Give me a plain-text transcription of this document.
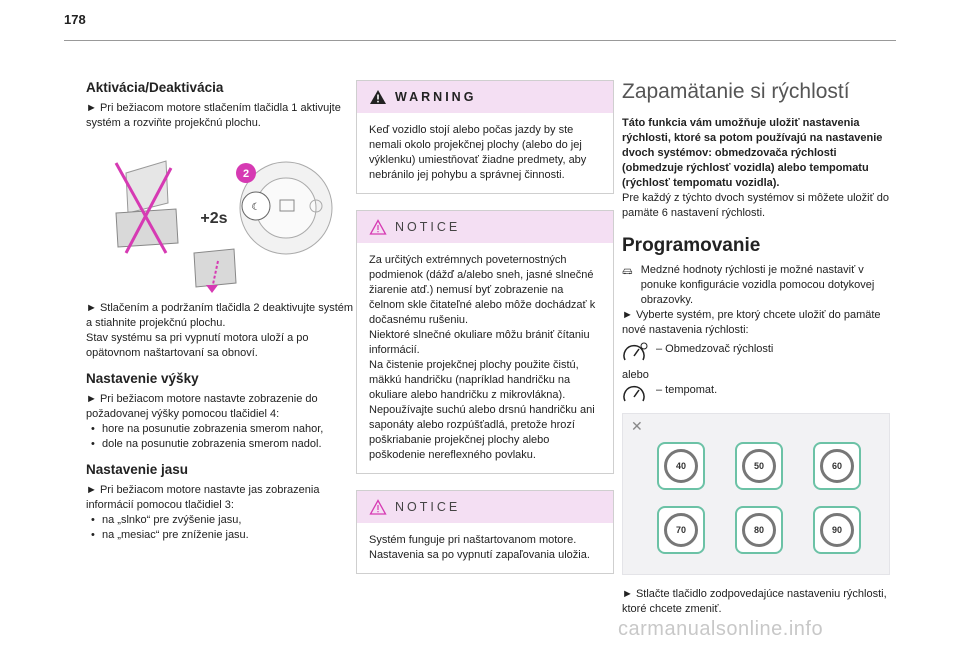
178
Aktivácia/Deaktivácia

► Pri bežiacom motore stlačením tlačidla 1 aktivujte systém a rozviňte projekčnú plochu.

☾
2
+2s

► Stlačením a podržaním tlačidla 2 deaktivujte systém a stiahnite projekčnú plochu.

Stav systému sa pri vypnutí motora uloží a po opätovnom naštartovaní sa obnoví.

Nastavenie výšky

► Pri bežiacom motore nastavte zobrazenie do požadovanej výšky pomocou tlačidiel 4:

• hore na posunutie zobrazenia smerom nahor,
• dole na posunutie zobrazenia smerom nadol.
Nastavenie jasu

► Pri bežiacom motore nastavte jas zobrazenia informácií pomocou tlačidiel 3:

• na „slnko“ pre zvýšenie jasu,
• na „mesiac“ pre zníženie jasu.
WARNING

Keď vozidlo stojí alebo počas jazdy by ste nemali okolo projekčnej plochy (alebo do jej výklenku) umiestňovať žiadne predmety, aby nebránilo jej pohybu a správnej činnosti.

NOTICE

Za určitých extrémnych poveternostných podmienok (dážď a/alebo sneh, jasné slnečné žiarenie atď.) nemusí byť zobrazenie na čelnom skle čitateľné alebo môže dochádzať k dočasnému rušeniu.

Niektoré slnečné okuliare môžu brániť čítaniu informácií.

Na čistenie projekčnej plochy použite čistú, mäkkú handričku (napríklad handričku na okuliare alebo handričku z mikrovlákna). Nepoužívajte suchú alebo drsnú handričku ani saponáty alebo rozpúšťadlá, pretože hrozí poškriabanie projekčnej plochy alebo poškodenie nereflexného povlaku.

NOTICE

Systém funguje pri naštartovanom motore. Nastavenia sa po vypnutí zapaľovania uložia.

Zapamätanie si rýchlostí

Táto funkcia vám umožňuje uložiť nastavenia rýchlosti, ktoré sa potom používajú na nastavenie dvoch systémov: obmedzovača rýchlosti (obmedzuje rýchlosť vozidla) alebo tempomatu (rýchlosť tempomatu vozidla).

Pre každý z týchto dvoch systémov si môžete uložiť do pamäte 6 nastavení rýchlosti.

Programovanie

Medzné hodnoty rýchlosti je možné nastaviť v ponuke konfigurácie vozidla pomocou dotykovej obrazovky.

► Vyberte systém, pre ktorý chcete uložiť do pamäte nové nastavenia rýchlosti:

– Obmedzovač rýchlosti

alebo

– tempomat.
✕
40	50	60
70	80	90

► Stlačte tlačidlo zodpovedajúce nastaveniu rýchlosti, ktoré chcete zmeniť.

carmanualsonline.info
